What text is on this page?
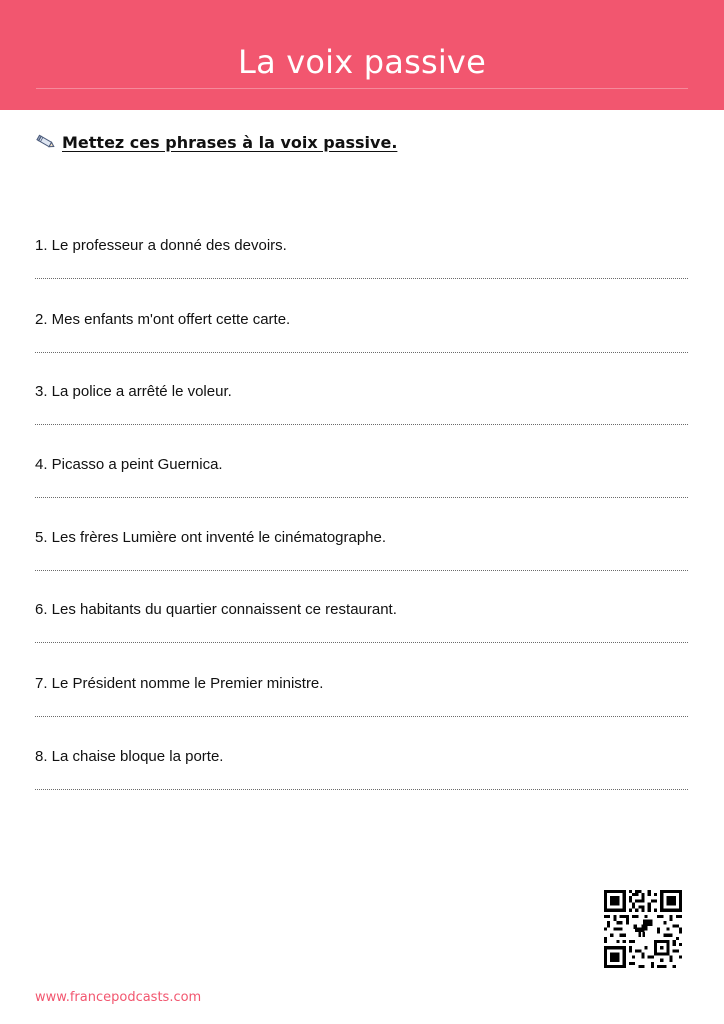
La voix passive
Mettez ces phrases à la voix passive.
1. Le professeur a donné des devoirs.
2. Mes enfants m'ont offert cette carte.
3. La police a arrêté le voleur.
4. Picasso a peint Guernica.
5. Les frères Lumière ont inventé le cinématographe.
6. Les habitants du quartier connaissent ce restaurant.
7. Le Président nomme le Premier ministre.
8. La chaise bloque la porte.
www.francepodcasts.com
